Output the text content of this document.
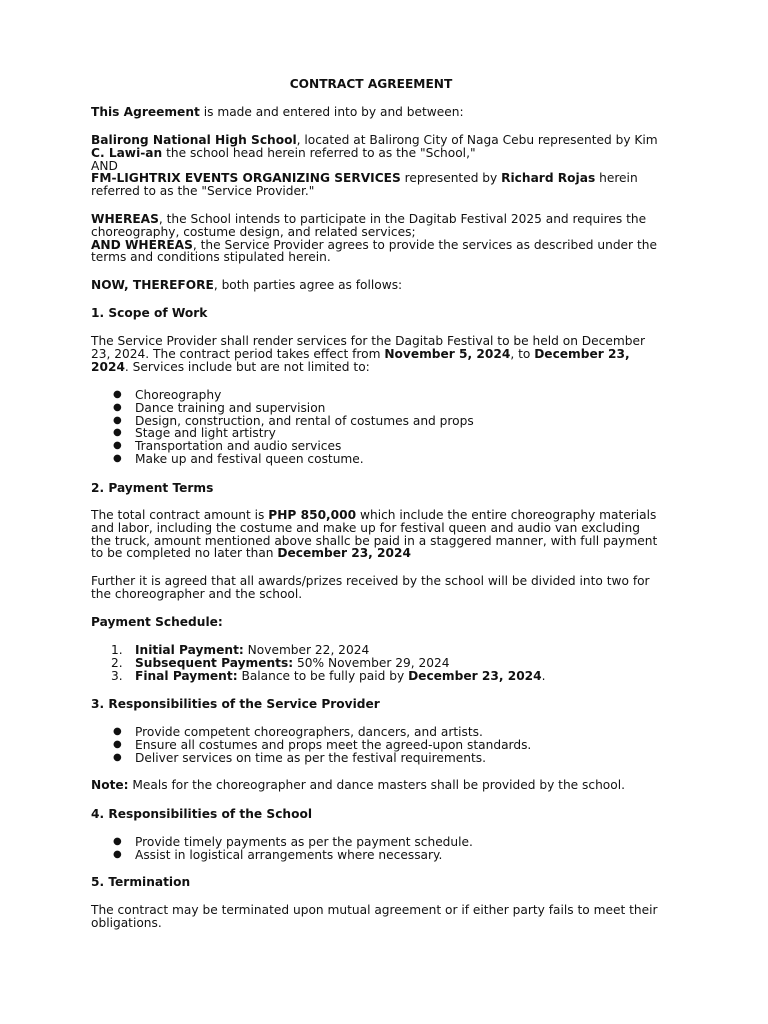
CONTRACT AGREEMENT

This Agreement is made and entered into by and between:

Balirong National High School, located at Balirong City of Naga Cebu represented by Kim

C. Lawi-an the school head herein referred to as the "School,"

AND

FM-LIGHTRIX EVENTS ORGANIZING SERVICES represented by Richard Rojas herein

referred to as the "Service Provider."

WHEREAS, the School intends to participate in the Dagitab Festival 2025 and requires the

choreography, costume design, and related services;

AND WHEREAS, the Service Provider agrees to provide the services as described under the

terms and conditions stipulated herein.

NOW, THEREFORE, both parties agree as follows:

1. Scope of Work

The Service Provider shall render services for the Dagitab Festival to be held on December

23, 2024. The contract period takes effect from November 5, 2024, to December 23,

2024. Services include but are not limited to:

●	Choreography
●	Dance training and supervision
●	Design, construction, and rental of costumes and props
●	Stage and light artistry
●	Transportation and audio services
●	Make up and festival queen costume.

2. Payment Terms

The total contract amount is PHP 850,000 which include the entire choreography materials

and labor, including the costume and make up for festival queen and audio van excluding

the truck, amount mentioned above shallc be paid in a staggered manner, with full payment

to be completed no later than December 23, 2024

Further it is agreed that all awards/prizes received by the school will be divided into two for

the choreographer and the school.

Payment Schedule:

1.	Initial Payment: November 22, 2024
2.	Subsequent Payments: 50% November 29, 2024
3.	Final Payment: Balance to be fully paid by December 23, 2024.

3. Responsibilities of the Service Provider

●	Provide competent choreographers, dancers, and artists.
●	Ensure all costumes and props meet the agreed-upon standards.
●	Deliver services on time as per the festival requirements.

Note: Meals for the choreographer and dance masters shall be provided by the school.

4. Responsibilities of the School

●	Provide timely payments as per the payment schedule.
●	Assist in logistical arrangements where necessary.

5. Termination

The contract may be terminated upon mutual agreement or if either party fails to meet their

obligations.
